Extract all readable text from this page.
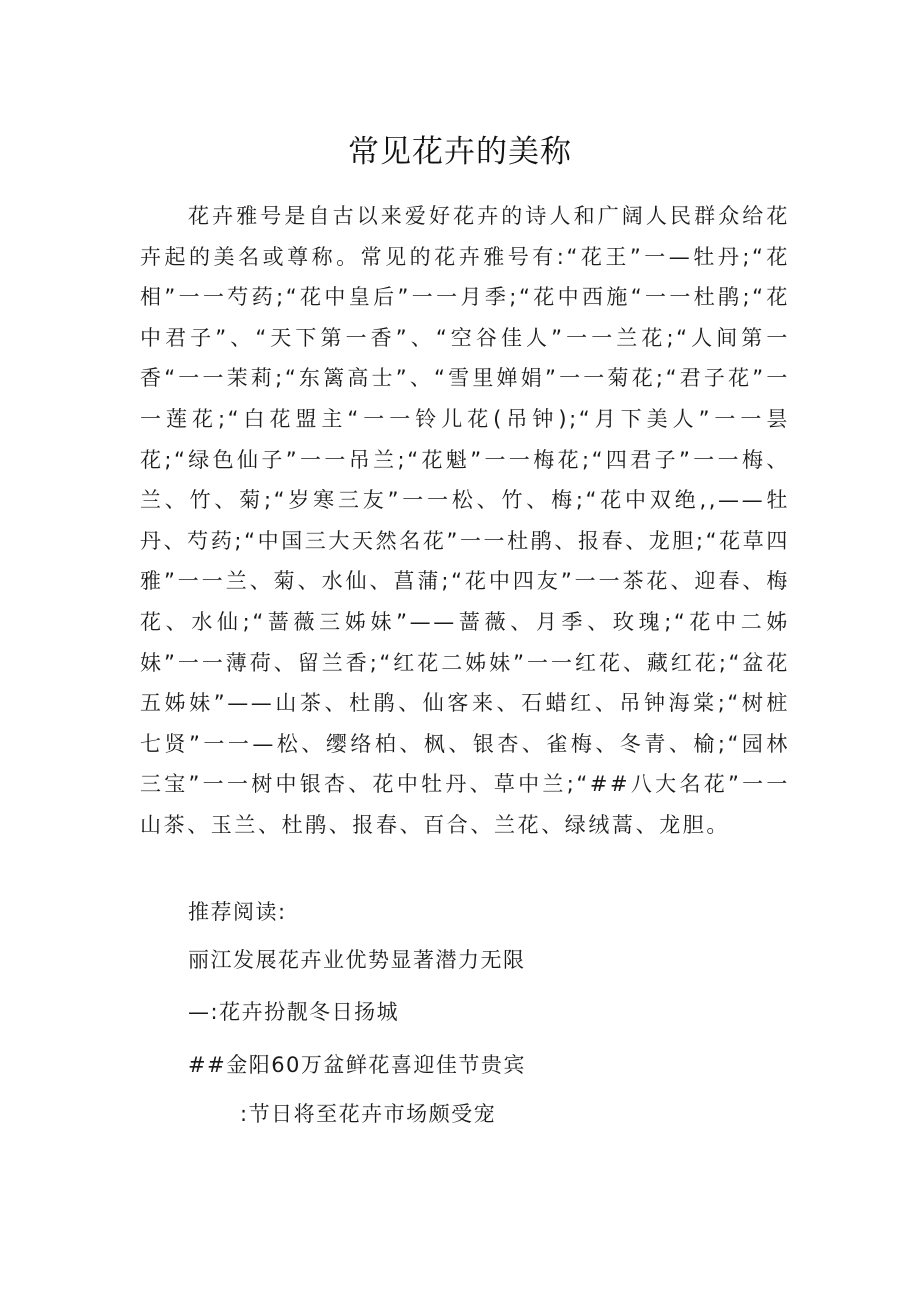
常见花卉的美称

花卉雅号是自古以来爱好花卉的诗人和广阔人民群众给花卉起的美名或尊称。常见的花卉雅号有:“花王”一—牡丹;“花相”一一芍药;“花中皇后”一一月季;“花中西施“一一杜鹃;“花中君子”、“天下第一香”、“空谷佳人”一一兰花;“人间第一香“一一茉莉;“东篱高士”、“雪里婵娟”一一菊花;“君子花”一一莲花;“白花盟主“一一铃儿花(吊钟);“月下美人”一一昙花;“绿色仙子”一一吊兰;“花魁”一一梅花;“四君子”一一梅、兰、竹、菊;“岁寒三友”一一松、竹、梅;“花中双绝,,——牡丹、芍药;“中国三大天然名花”一一杜鹃、报春、龙胆;“花草四雅”一一兰、菊、水仙、菖蒲;“花中四友”一一茶花、迎春、梅花、水仙;“蔷薇三姊妹”——蔷薇、月季、玫瑰;“花中二姊妹”一一薄荷、留兰香;“红花二姊妹”一一红花、藏红花;“盆花五姊妹”——山茶、杜鹃、仙客来、石蜡红、吊钟海棠;“树桩七贤”一一—松、缨络柏、枫、银杏、雀梅、冬青、榆;“园林三宝”一一树中银杏、花中牡丹、草中兰;“##八大名花”一一山茶、玉兰、杜鹃、报春、百合、兰花、绿绒蒿、龙胆。

推荐阅读:
丽江发展花卉业优势显著潜力无限
—:花卉扮靓冬日扬城
##金阳60万盆鲜花喜迎佳节贵宾
:节日将至花卉市场颇受宠
